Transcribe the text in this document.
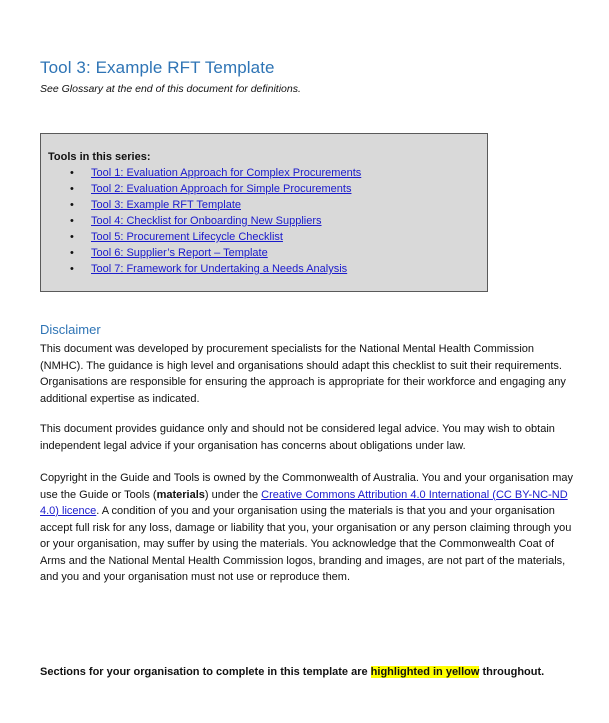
Tool 3: Example RFT Template
See Glossary at the end of this document for definitions.
Tools in this series:
• Tool 1: Evaluation Approach for Complex Procurements
• Tool 2: Evaluation Approach for Simple Procurements
• Tool 3: Example RFT Template
• Tool 4: Checklist for Onboarding New Suppliers
• Tool 5: Procurement Lifecycle Checklist
• Tool 6: Supplier’s Report – Template
• Tool 7: Framework for Undertaking a Needs Analysis
Disclaimer

This document was developed by procurement specialists for the National Mental Health Commission (NMHC). The guidance is high level and organisations should adapt this checklist to suit their requirements. Organisations are responsible for ensuring the approach is appropriate for their workforce and engaging any additional expertise as indicated.

This document provides guidance only and should not be considered legal advice. You may wish to obtain independent legal advice if your organisation has concerns about obligations under law.

Copyright in the Guide and Tools is owned by the Commonwealth of Australia. You and your organisation may use the Guide or Tools (materials) under the Creative Commons Attribution 4.0 International (CC BY-NC-ND 4.0) licence. A condition of you and your organisation using the materials is that you and your organisation accept full risk for any loss, damage or liability that you, your organisation or any person claiming through you or your organisation, may suffer by using the materials. You acknowledge that the Commonwealth Coat of Arms and the National Mental Health Commission logos, branding and images, are not part of the materials, and you and your organisation must not use or reproduce them.

Sections for your organisation to complete in this template are highlighted in yellow throughout.
